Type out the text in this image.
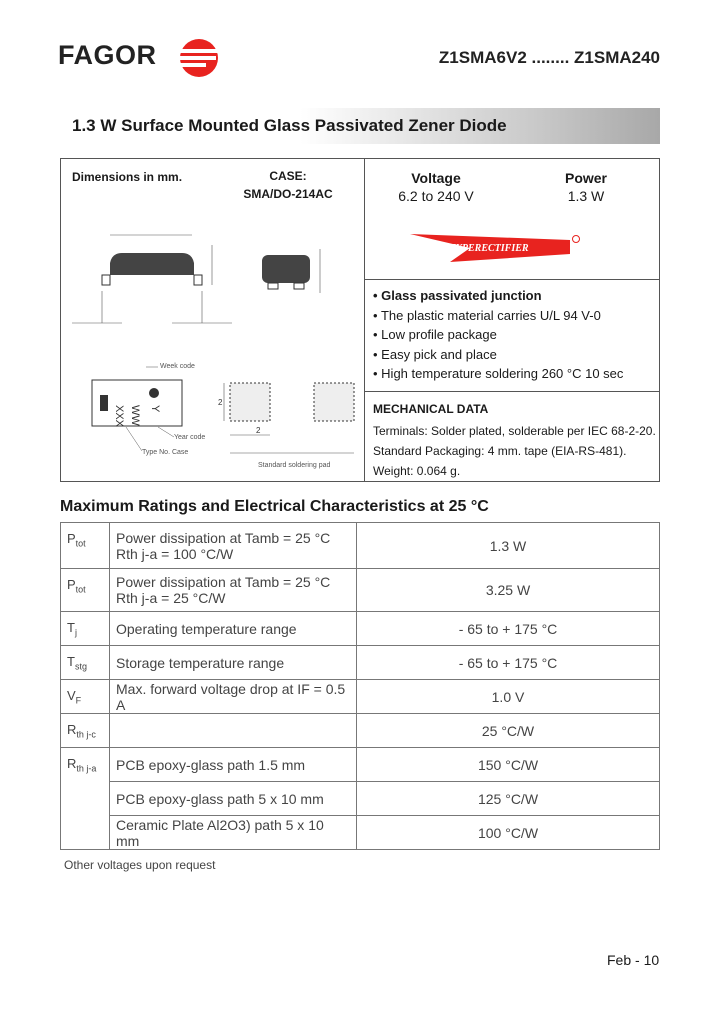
FAGOR	Z1SMA6V2 ........ Z1SMA240
1.3 W Surface Mounted Glass Passivated Zener Diode
Dimensions in mm.	CASE:
SMA/DO-214AC
Voltage
6.2 to 240 V
Power
1.3 W
HYPERECTIFIER
• Glass passivated junction
• The plastic material carries U/L 94 V-0
• Low profile package
• Easy pick and place
• High temperature soldering 260 °C 10 sec
MECHANICAL DATA
Terminals: Solder plated, solderable per IEC 68-2-20.
Standard Packaging: 4 mm. tape (EIA-RS-481).
Weight: 0.064 g.
XXX WW Y
Week code
Year code
Type No. Case
2
2
Standard soldering pad
Maximum Ratings and Electrical Characteristics at 25 °C
$P_{tot}$	Power dissipation at Tamb = 25 °C
Rth j-a = 100 °C/W	1.3 W
$P_{tot}$	Power dissipation at Tamb = 25 °C
Rth j-a = 25 °C/W	3.25 W
$T_j$	Operating temperature range	- 65 to + 175 °C
$T_{stg}$	Storage temperature range	- 65 to + 175 °C
$V_F$	Max. forward voltage drop at IF = 0.5 A	1.0 V
$R_{th j-c}$		25 °C/W
$R_{th j-a}$	PCB epoxy-glass path 1.5 mm	150 °C/W
	PCB epoxy-glass path 5 x 10 mm	125 °C/W
	Ceramic Plate Al2O3) path 5 x 10 mm	100 °C/W
Other voltages upon request
Feb - 10
